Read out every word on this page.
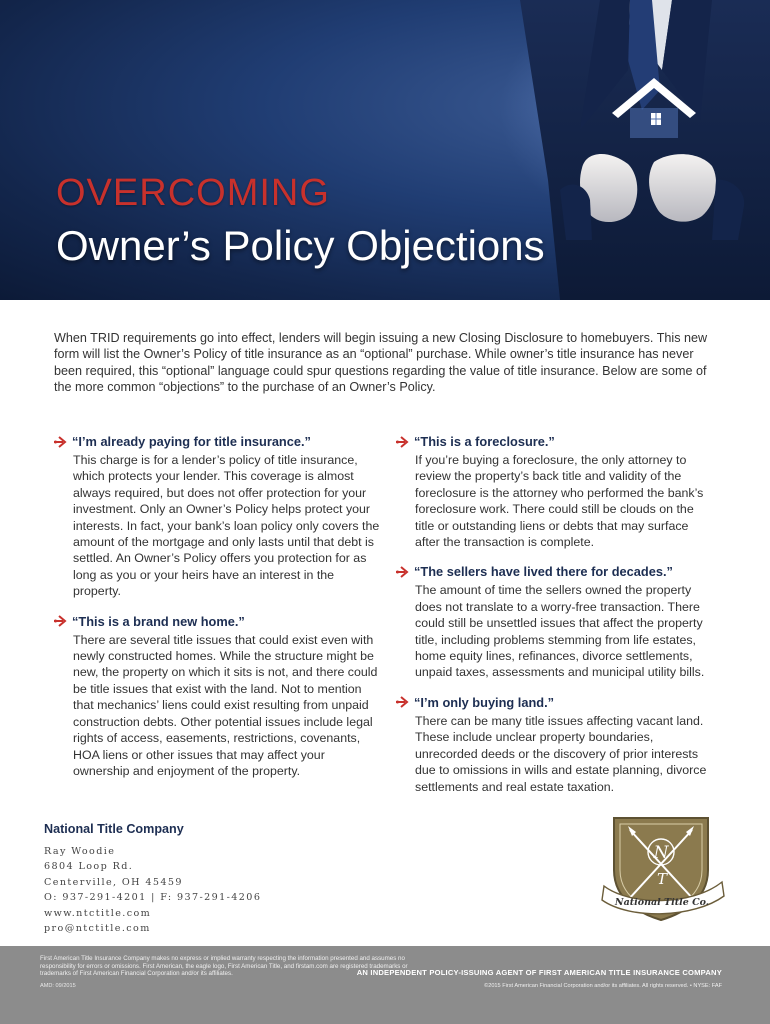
OVERCOMING
Owner’s Policy Objections

When TRID requirements go into effect, lenders will begin issuing a new Closing Disclosure to homebuyers. This new form will list the Owner’s Policy of title insurance as an “optional” purchase. While owner’s title insurance has never been required, this “optional” language could spur questions regarding the value of title insurance. Below are some of the more common “objections” to the purchase of an Owner’s Policy.

“I’m already paying for title insurance.”

This charge is for a lender’s policy of title insurance, which protects your lender. This coverage is almost always required, but does not offer protection for your investment. Only an Owner’s Policy helps protect your interests. In fact, your bank’s loan policy only covers the amount of the mortgage and only lasts until that debt is settled. An Owner’s Policy offers you protection for as long as you or your heirs have an interest in the property.

“This is a brand new home.”

There are several title issues that could exist even with newly constructed homes. While the structure might be new, the property on which it sits is not, and there could be title issues that exist with the land. Not to mention that mechanics’ liens could exist resulting from unpaid construction debts. Other potential issues include legal rights of access, easements, restrictions, covenants, HOA liens or other issues that may affect your ownership and enjoyment of the property.

“This is a foreclosure.”

If you’re buying a foreclosure, the only attorney to review the property’s back title and validity of the foreclosure is the attorney who performed the bank’s foreclosure work. There could still be clouds on the title or outstanding liens or debts that may surface after the transaction is complete.

“The sellers have lived there for decades.”

The amount of time the sellers owned the property does not translate to a worry-free transaction. There could still be unsettled issues that affect the property title, including problems stemming from life estates, home equity lines, refinances, divorce settlements, unpaid taxes, assessments and municipal utility bills.

“I’m only buying land.”

There can be many title issues affecting vacant land. These include unclear property boundaries, unrecorded deeds or the discovery of prior interests due to omissions in wills and estate planning, divorce settlements and real estate taxation.

National Title Company
Ray Woodie
6804 Loop Rd.
Centerville, OH 45459
O: 937-291-4201 | F: 937-291-4206
www.ntctitle.com
pro@ntctitle.com
N
T
National Title Co.

First American Title Insurance Company makes no express or implied warranty respecting the information presented and assumes no responsibility for errors or omissions. First American, the eagle logo, First American Title, and firstam.com are registered trademarks or trademarks of First American Financial Corporation and/or its affiliates.

AMD: 09/2015
AN INDEPENDENT POLICY-ISSUING AGENT OF FIRST AMERICAN TITLE INSURANCE COMPANY
©2015 First American Financial Corporation and/or its affiliates. All rights reserved. • NYSE: FAF
